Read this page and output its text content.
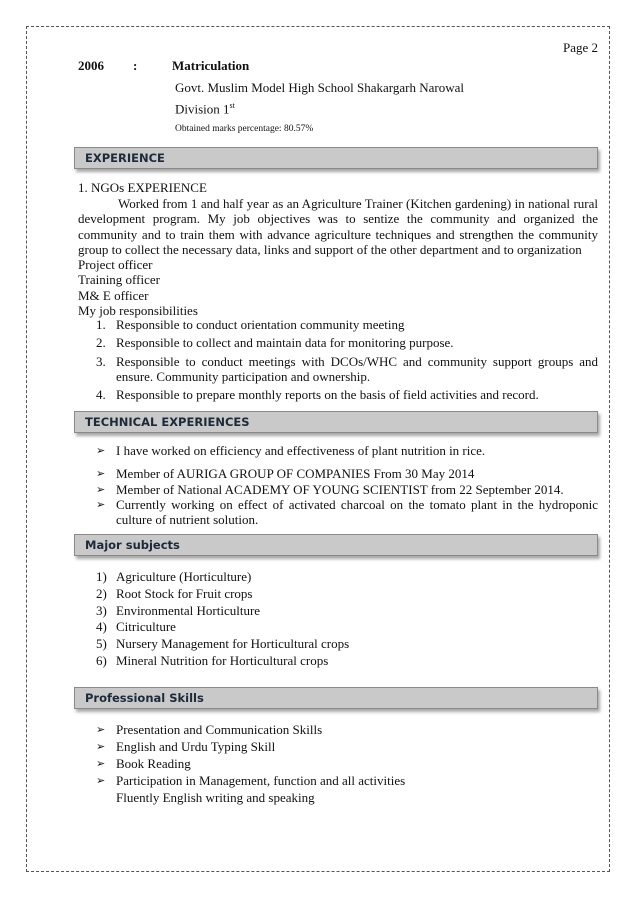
Page 2
2006 :	Matriculation
Govt. Muslim Model High School Shakargarh Narowal
Division 1st
Obtained marks percentage: 80.57%
EXPERIENCE
1. NGOs EXPERIENCE
Worked from 1 and half year as an Agriculture Trainer (Kitchen gardening) in national rural development program. My job objectives was to sentize the community and organized the community and to train them with advance agriculture techniques and strengthen the community group to collect the necessary data, links and support of the other department and to organization
Project officer
Training officer
M& E officer
My job responsibilities
1. Responsible to conduct orientation community meeting
2. Responsible to collect and maintain data for monitoring purpose.
3. Responsible to conduct meetings with DCOs/WHC and community support groups and ensure. Community participation and ownership.
4. Responsible to prepare monthly reports on the basis of field activities and record.
TECHNICAL EXPERIENCES
➢ I have worked on efficiency and effectiveness of plant nutrition in rice.
➢ Member of AURIGA GROUP OF COMPANIES From 30 May 2014
➢ Member of National ACADEMY OF YOUNG SCIENTIST from 22 September 2014.
➢ Currently working on effect of activated charcoal on the tomato plant in the hydroponic culture of nutrient solution.
Major subjects
1) Agriculture (Horticulture)
2) Root Stock for Fruit crops
3) Environmental Horticulture
4) Citriculture
5) Nursery Management for Horticultural crops
6) Mineral Nutrition for Horticultural crops
Professional Skills
➢ Presentation and Communication Skills
➢ English and Urdu Typing Skill
➢ Book Reading
➢ Participation in Management, function and all activities
Fluently English writing and speaking
